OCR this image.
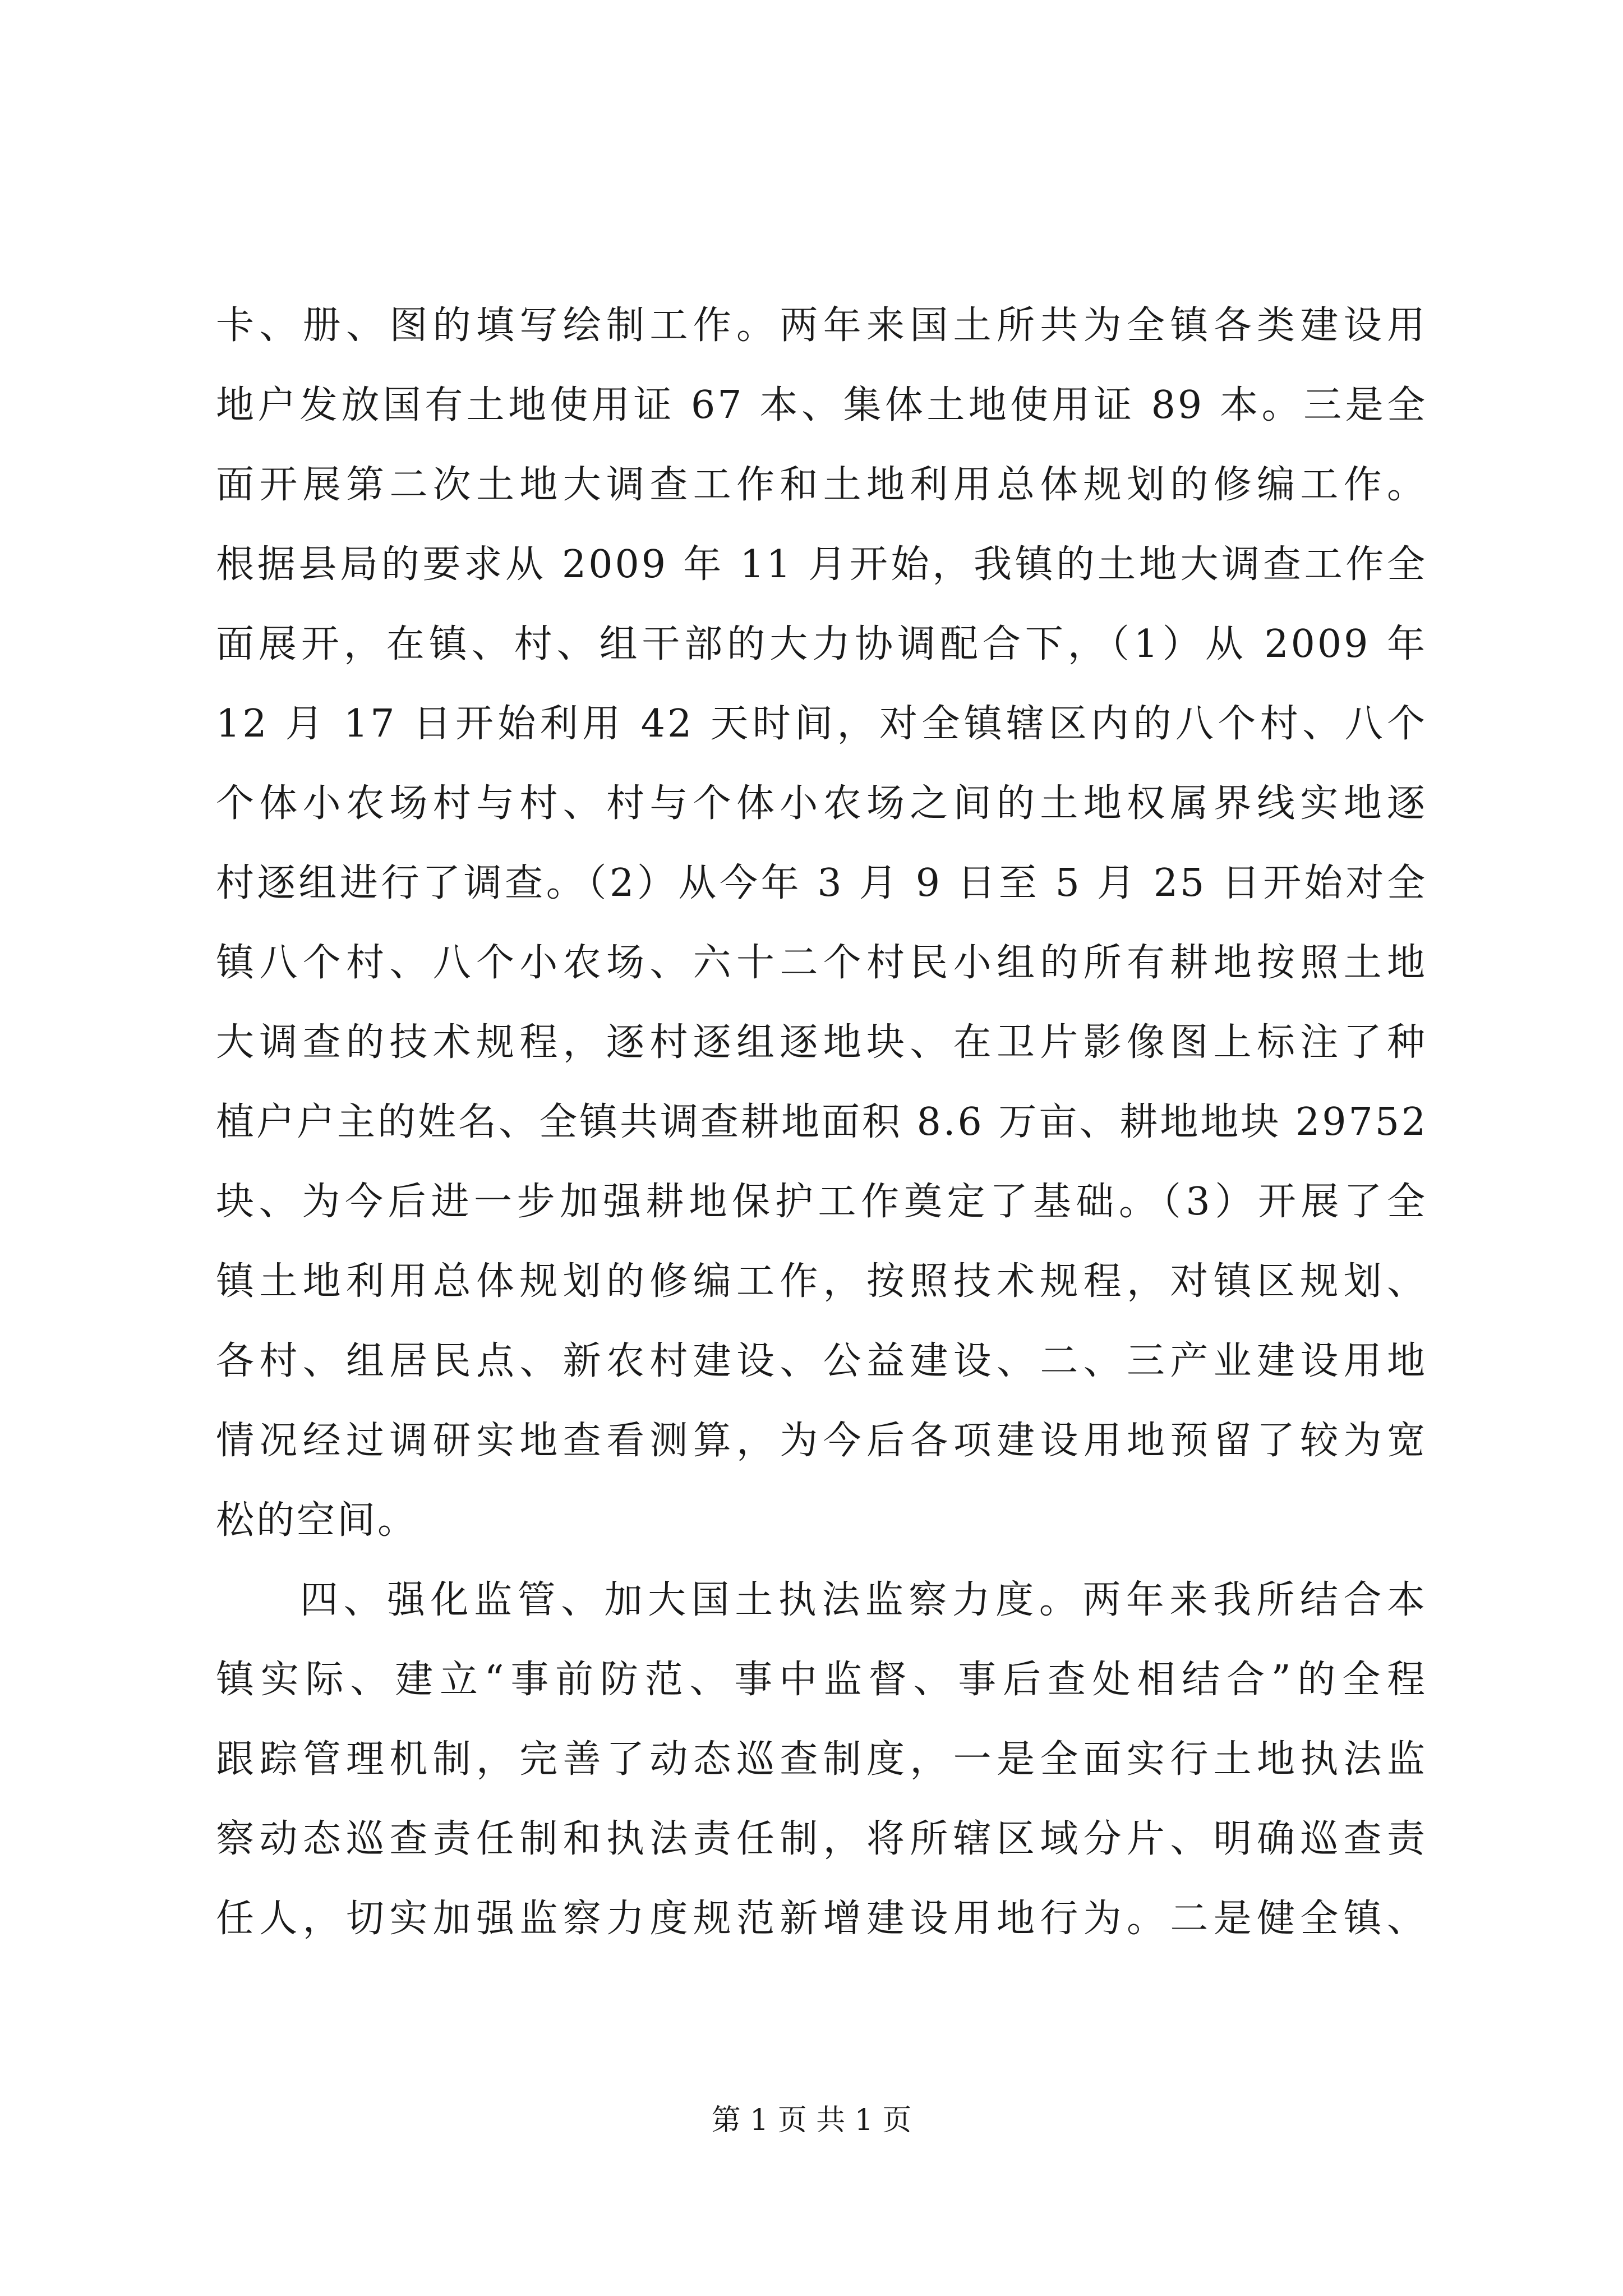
卡、册、图的填写绘制工作。两年来国土所共为全镇各类建设用
地户发放国有土地使用证 67 本、集体土地使用证 89 本。三是全
面开展第二次土地大调查工作和土地利用总体规划的修编工作。
根据县局的要求从 2009 年 11 月开始，我镇的土地大调查工作全
面展开，在镇、村、组干部的大力协调配合下，（1）从 2009 年
12 月 17 日开始利用 42 天时间，对全镇辖区内的八个村、八个
个体小农场村与村、村与个体小农场之间的土地权属界线实地逐
村逐组进行了调查。（2）从今年 3 月 9 日至 5 月 25 日开始对全
镇八个村、八个小农场、六十二个村民小组的所有耕地按照土地
大调查的技术规程，逐村逐组逐地块、在卫片影像图上标注了种
植户户主的姓名、全镇共调查耕地面积 8.6 万亩、耕地地块 29752
块、为今后进一步加强耕地保护工作奠定了基础。（3）开展了全
镇土地利用总体规划的修编工作，按照技术规程，对镇区规划、
各村、组居民点、新农村建设、公益建设、二、三产业建设用地
情况经过调研实地查看测算，为今后各项建设用地预留了较为宽
松的空间。
四、强化监管、加大国土执法监察力度。两年来我所结合本
镇实际、建立“事前防范、事中监督、事后查处相结合”的全程
跟踪管理机制，完善了动态巡查制度，一是全面实行土地执法监
察动态巡查责任制和执法责任制，将所辖区域分片、明确巡查责
任人，切实加强监察力度规范新增建设用地行为。二是健全镇、
第 1 页 共 1 页
